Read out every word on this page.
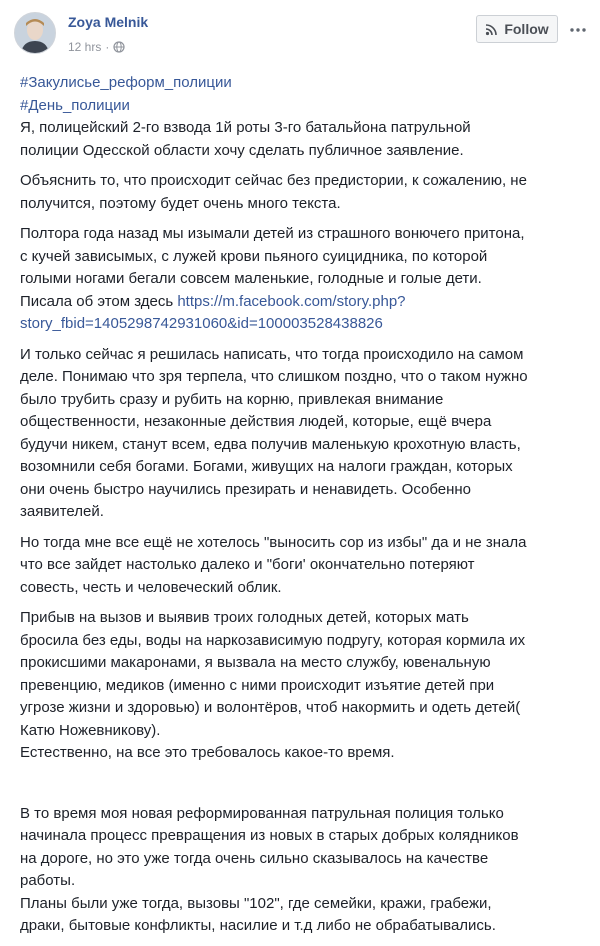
Zoya Melnik
12 hrs ·
Follow
#Закулисье_реформ_полиции
#День_полиции
Я, полицейский 2-го взвода 1й роты 3-го батальйона патрульной
полиции Одесской области хочу сделать публичное заявление.
Объяснить то, что происходит сейчас без предистории, к сожалению, не
получится, поэтому будет очень много текста.
Полтора года назад мы изымали детей из страшного вонючего притона,
с кучей зависымых, с лужей крови пьяного суицидника, по которой
голыми ногами бегали совсем маленькие, голодные и голые дети.
Писала об этом здесь https://m.facebook.com/story.php?
story_fbid=1405298742931060&id=100003528438826
И только сейчас я решилась написать, что тогда происходило на самом
деле. Понимаю что зря терпела, что слишком поздно, что о таком нужно
было трубить сразу и рубить на корню, привлекая внимание
общественности, незаконные действия людей, которые, ещё вчера
будучи никем, станут всем, едва получив маленькую крохотную власть,
возомнили себя богами. Богами, живущих на налоги граждан, которых
они очень быстро научились презирать и ненавидеть. Особенно
заявителей.
Но тогда мне все ещё не хотелось "выносить сор из избы" да и не знала
что все зайдет настолько далеко и "боги' окончательно потеряют
совесть, честь и человеческий облик.
Прибыв на вызов и выявив троих голодных детей, которых мать
бросила без еды, воды на наркозависимую подругу, которая кормила их
прокисшими макаронами, я вызвала на место службу, ювенальную
превенцию, медиков (именно с ними происходит изъятие детей при
угрозе жизни и здоровью) и волонтёров, чтоб накормить и одеть детей(
Катю Ножевникову).
Естественно, на все это требовалось какое-то время.
В то время моя новая реформированная патрульная полиция только
начинала процесс превращения из новых в старых добрых колядников
на дороге, но это уже тогда очень сильно сказывалось на качестве
работы.
Планы были уже тогда, вызовы "102", где семейки, кражи, грабежи,
драки, бытовые конфликты, насилие и т.д либо не обрабатывались.
